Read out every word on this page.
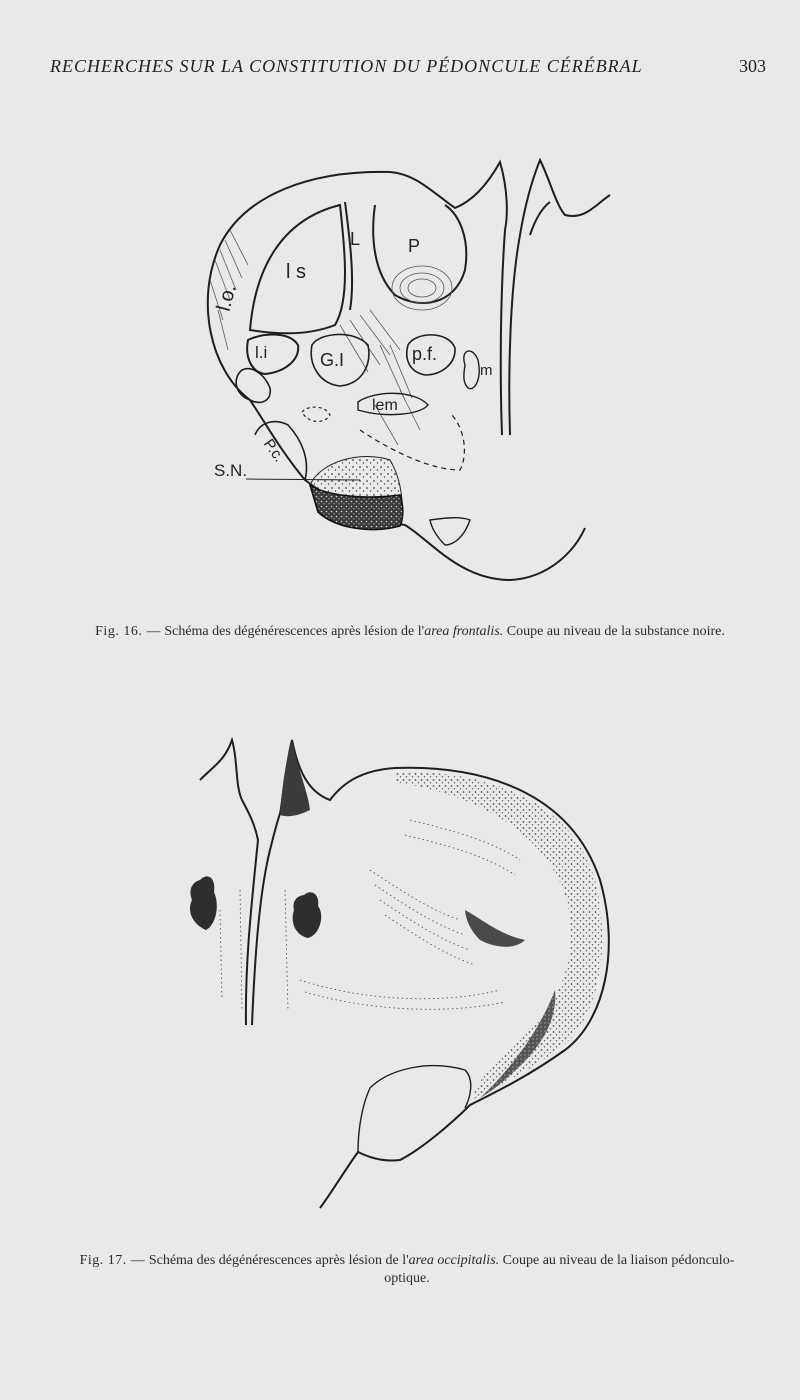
RECHERCHES SUR LA CONSTITUTION DU PÉDONCULE CÉRÉBRAL	303
l.o.
l s
L	P
l.i	G.I	p.f.
m
lem
P.c.
S.N.
Fig. 16. — Schéma des dégénérescences après lésion de l'area frontalis. Coupe au niveau de la substance noire.
Fig. 17. — Schéma des dégénérescences après lésion de l'area occipitalis. Coupe au niveau de la liaison pédonculo-optique.
